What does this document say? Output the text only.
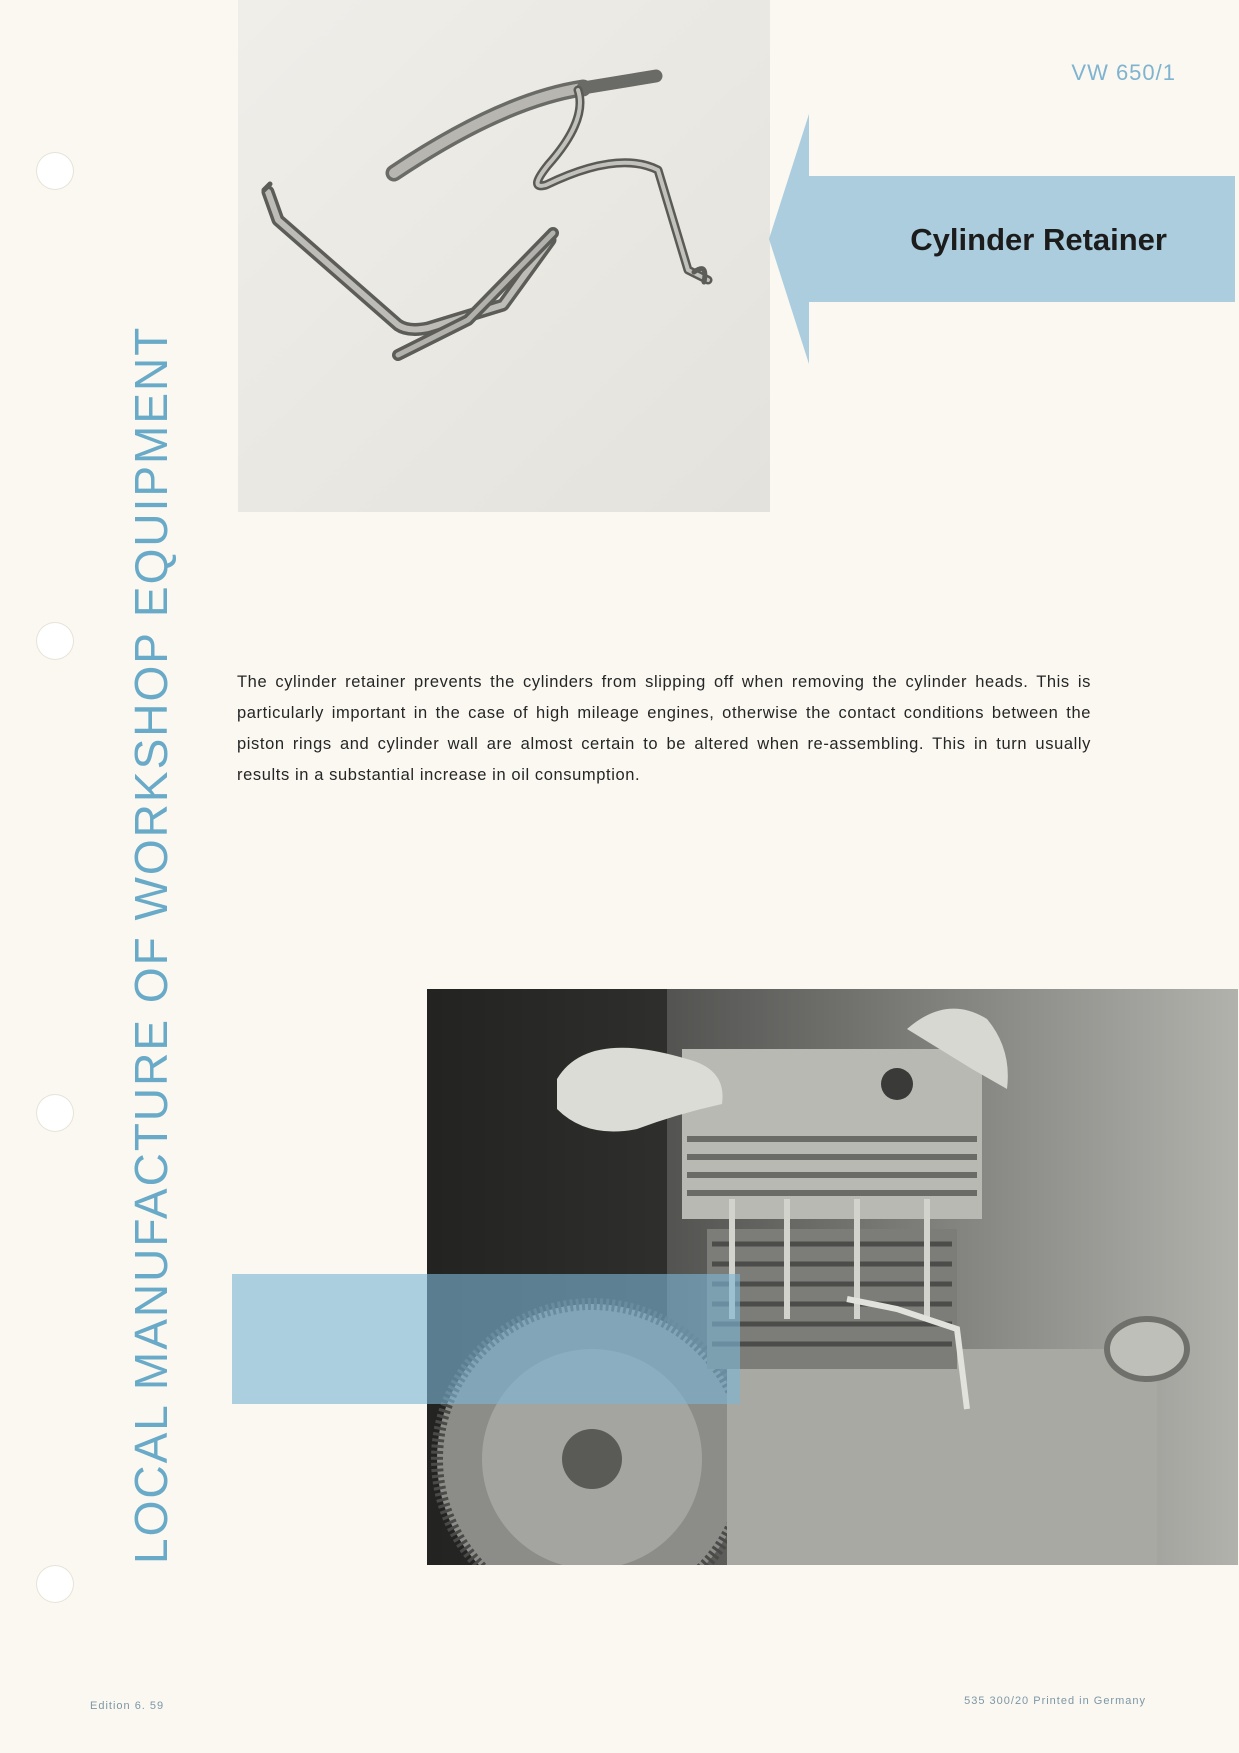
LOCAL MANUFACTURE OF WORKSHOP EQUIPMENT
VW 650/1
Cylinder Retainer

The cylinder retainer prevents the cylinders from slipping off when removing the cylinder heads. This is particularly important in the case of high mileage engines, otherwise the contact conditions between the piston rings and cylinder wall are almost certain to be altered when re-assembling. This in turn usually results in a substantial increase in oil consumption.

Edition 6. 59	535 300/20 Printed in Germany
